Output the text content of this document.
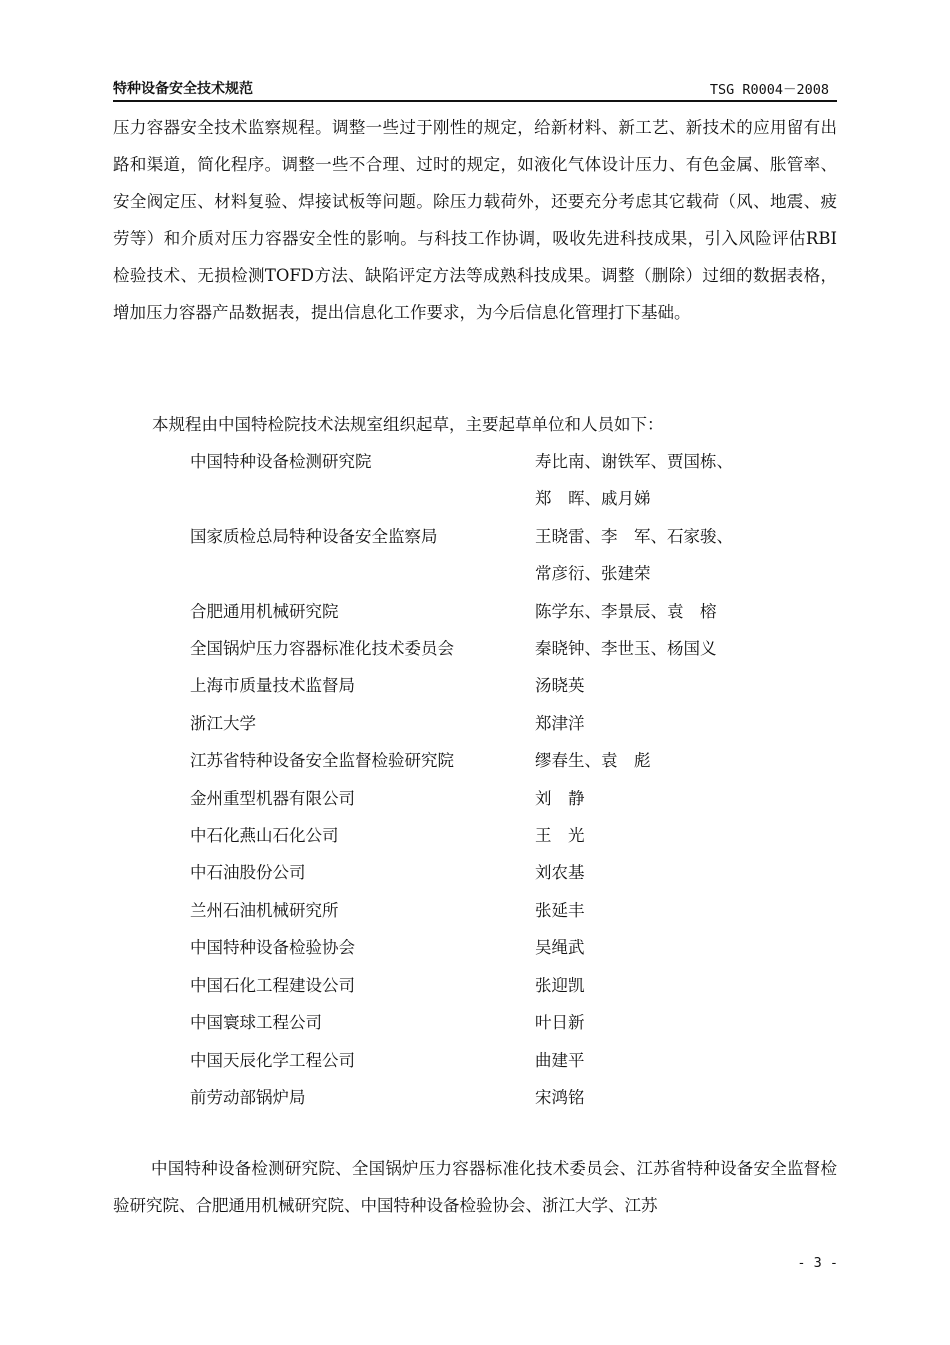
特种设备安全技术规范	TSG R0004－2008

压力容器安全技术监察规程。调整一些过于刚性的规定，给新材料、新工艺、新技术的应用留有出路和渠道，简化程序。调整一些不合理、过时的规定，如液化气体设计压力、有色金属、胀管率、安全阀定压、材料复验、焊接试板等问题。除压力载荷外，还要充分考虑其它载荷（风、地震、疲劳等）和介质对压力容器安全性的影响。与科技工作协调，吸收先进科技成果，引入风险评估RBI检验技术、无损检测TOFD方法、缺陷评定方法等成熟科技成果。调整（删除）过细的数据表格，增加压力容器产品数据表，提出信息化工作要求，为今后信息化管理打下基础。

本规程由中国特检院技术法规室组织起草，主要起草单位和人员如下：

中国特种设备检测研究院	寿比南、谢铁军、贾国栋、
郑　晖、戚月娣
国家质检总局特种设备安全监察局	王晓雷、李　军、石家骏、
常彦衍、张建荣
合肥通用机械研究院	陈学东、李景辰、袁　榕
全国锅炉压力容器标准化技术委员会	秦晓钟、李世玉、杨国义
上海市质量技术监督局	汤晓英
浙江大学	郑津洋
江苏省特种设备安全监督检验研究院	缪春生、袁　彪
金州重型机器有限公司	刘　静
中石化燕山石化公司	王　光
中石油股份公司	刘农基
兰州石油机械研究所	张延丰
中国特种设备检验协会	吴绳武
中国石化工程建设公司	张迎凯
中国寰球工程公司	叶日新
中国天辰化学工程公司	曲建平
前劳动部锅炉局	宋鸿铭

中国特种设备检测研究院、全国锅炉压力容器标准化技术委员会、江苏省特种设备安全监督检验研究院、合肥通用机械研究院、中国特种设备检验协会、浙江大学、江苏

- 3 -
